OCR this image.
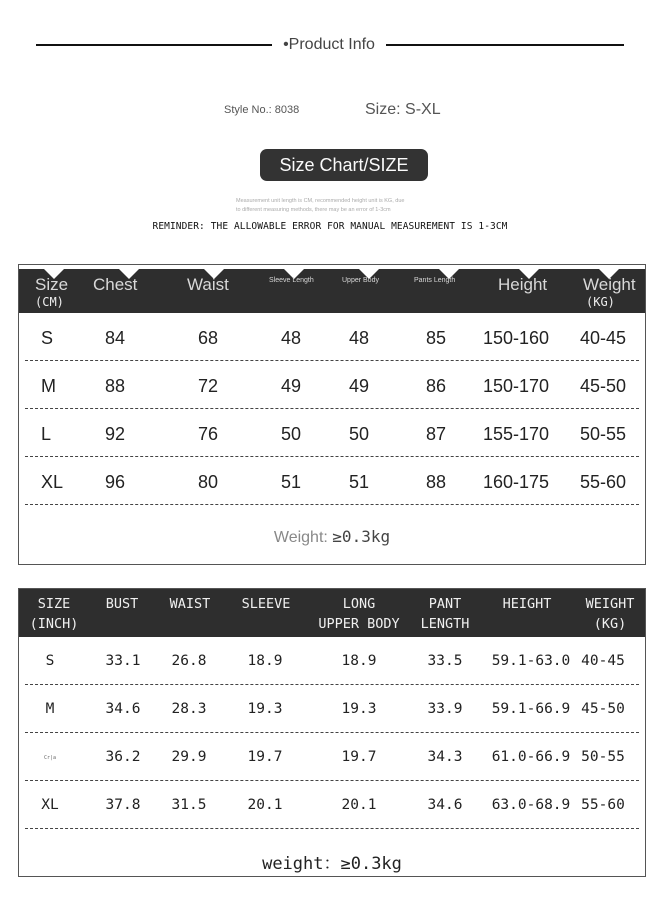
•Product Info
Style No.: 8038	Size: S-XL
Size Chart/SIZE
Measurement unit length is CM, recommended height unit is KG, due
to different measuring methods, there may be an error of 1-3cm
REMINDER: THE ALLOWABLE ERROR FOR MANUAL MEASUREMENT IS 1-3CM
Size
(CM)
Chest	Waist	Sleeve Length	Upper Body	Pants Length	Height Weight
(KG)
S	84	68	48	48	85 150-160 40-45
M	88	72	49	49	86 150-170 45-50
L	92	76	50	50	87 155-170 50-55
XL 96	80	51	51	88 160-175 55-60
Weight: ≥0.3kg
SIZE
(INCH)
BUST	WAIST	SLEEVE	LONG
UPPER BODY
PANT
LENGTH
HEIGHT	WEIGHT
(KG)
S	33.1	26.8	18.9	18.9	33.5	59.1-63.0 40-45
M	34.6	28.3	19.3	19.3	33.9	59.1-66.9 45-50
Cr|a	36.2	29.9	19.7	19.7	34.3	61.0-66.9 50-55
XL	37.8	31.5	20.1	20.1	34.6	63.0-68.9 55-60
weight：≥0.3kg
